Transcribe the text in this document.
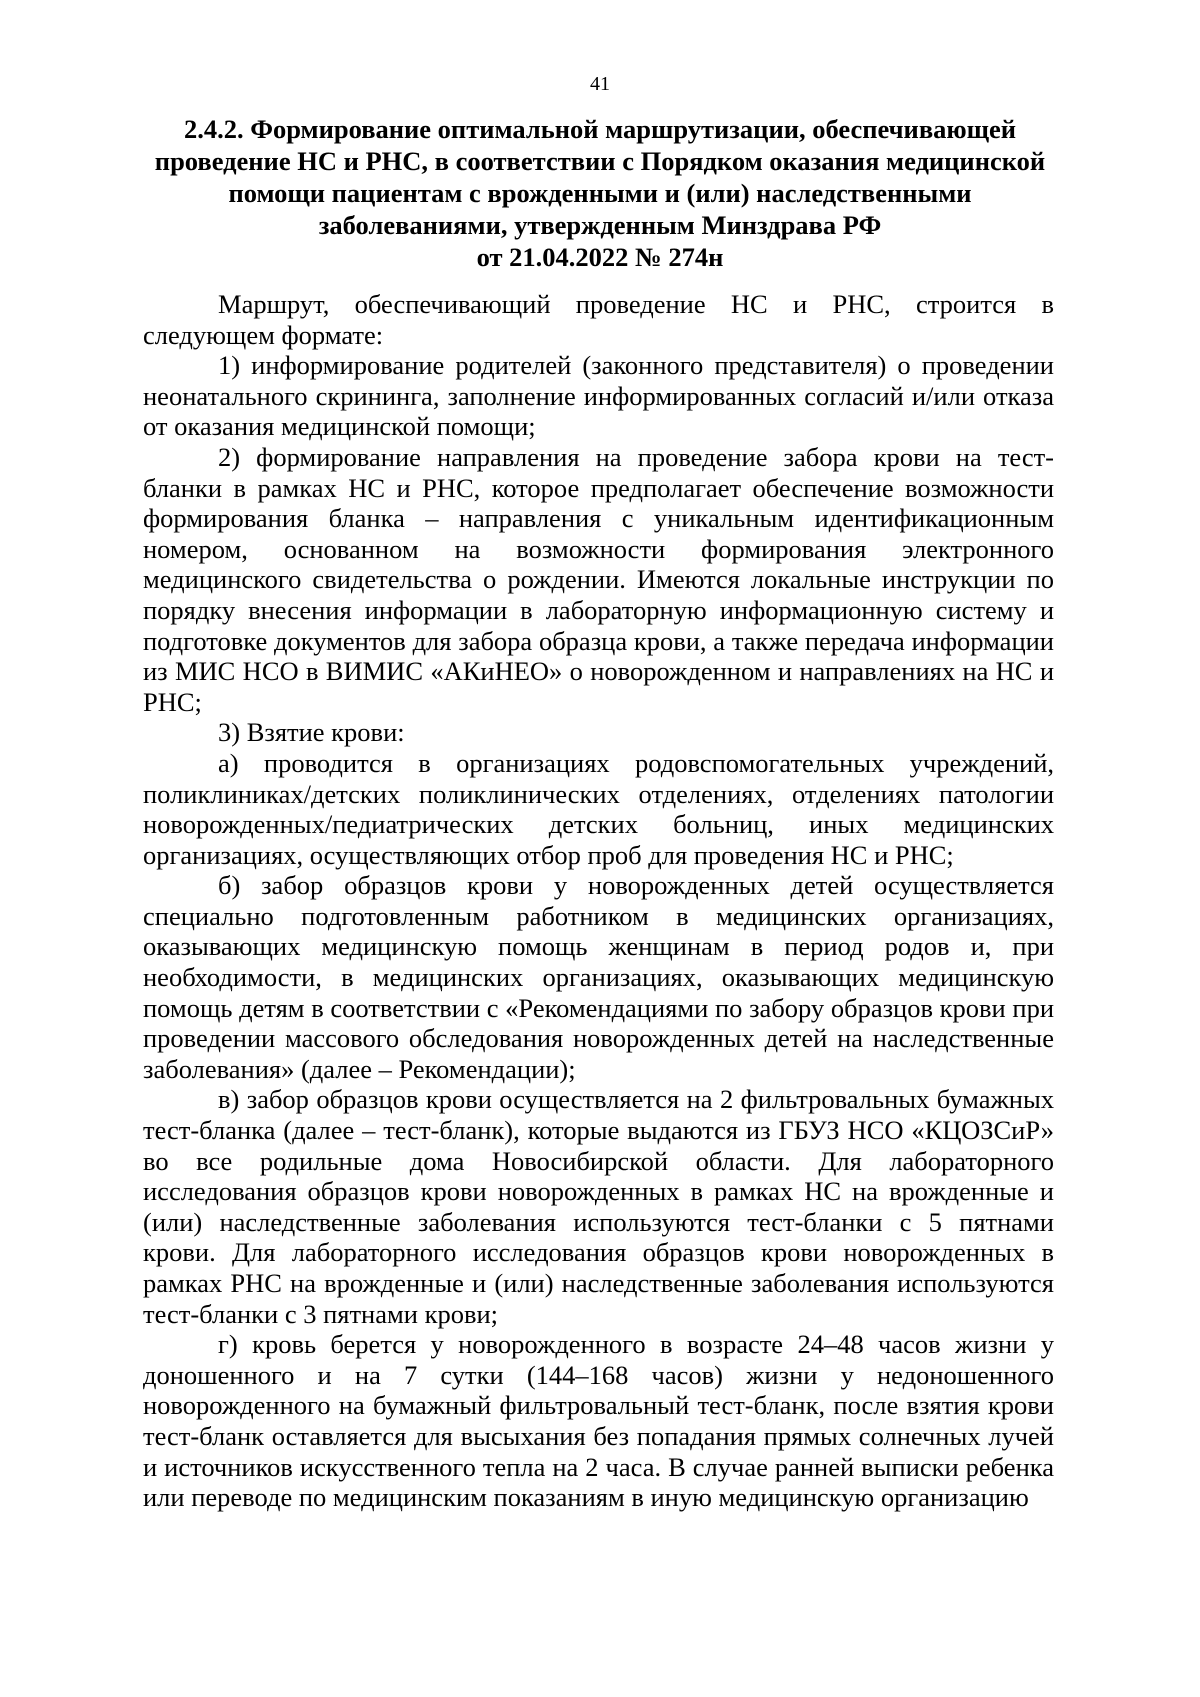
41
2.4.2. Формирование оптимальной маршрутизации, обеспечивающей
проведение НС и РНС, в соответствии с Порядком оказания медицинской
помощи пациентам с врожденными и (или) наследственными
заболеваниями, утвержденным Минздрава РФ
от 21.04.2022 № 274н

Маршрут, обеспечивающий проведение НС и РНС, строится в следующем формате:

1) информирование родителей (законного представителя) о проведении неонатального скрининга, заполнение информированных согласий и/или отказа от оказания медицинской помощи;

2) формирование направления на проведение забора крови на тест-бланки в рамках НС и РНС, которое предполагает обеспечение возможности формирования бланка – направления с уникальным идентификационным номером, основанном на возможности формирования электронного медицинского свидетельства о рождении. Имеются локальные инструкции по порядку внесения информации в лабораторную информационную систему и подготовке документов для забора образца крови, а также передача информации из МИС НСО в ВИМИС «АКиНЕО» о новорожденном и направлениях на НС и РНС;

3) Взятие крови:

а) проводится в организациях родовспомогательных учреждений, поликлиниках/детских поликлинических отделениях, отделениях патологии новорожденных/педиатрических детских больниц, иных медицинских организациях, осуществляющих отбор проб для проведения НС и РНС;

б) забор образцов крови у новорожденных детей осуществляется специально подготовленным работником в медицинских организациях, оказывающих медицинскую помощь женщинам в период родов и, при необходимости, в медицинских организациях, оказывающих медицинскую помощь детям в соответствии с «Рекомендациями по забору образцов крови при проведении массового обследования новорожденных детей на наследственные заболевания» (далее – Рекомендации);

в) забор образцов крови осуществляется на 2 фильтровальных бумажных тест-бланка (далее – тест-бланк), которые выдаются из ГБУЗ НСО «КЦОЗСиР» во все родильные дома Новосибирской области. Для лабораторного исследования образцов крови новорожденных в рамках НС на врожденные и (или) наследственные заболевания используются тест-бланки с 5 пятнами крови. Для лабораторного исследования образцов крови новорожденных в рамках РНС на врожденные и (или) наследственные заболевания используются тест-бланки с 3 пятнами крови;

г) кровь берется у новорожденного в возрасте 24–48 часов жизни у доношенного и на 7 сутки (144–168 часов) жизни у недоношенного новорожденного на бумажный фильтровальный тест-бланк, после взятия крови тест-бланк оставляется для высыхания без попадания прямых солнечных лучей и источников искусственного тепла на 2 часа. В случае ранней выписки ребенка или переводе по медицинским показаниям в иную медицинскую организацию
